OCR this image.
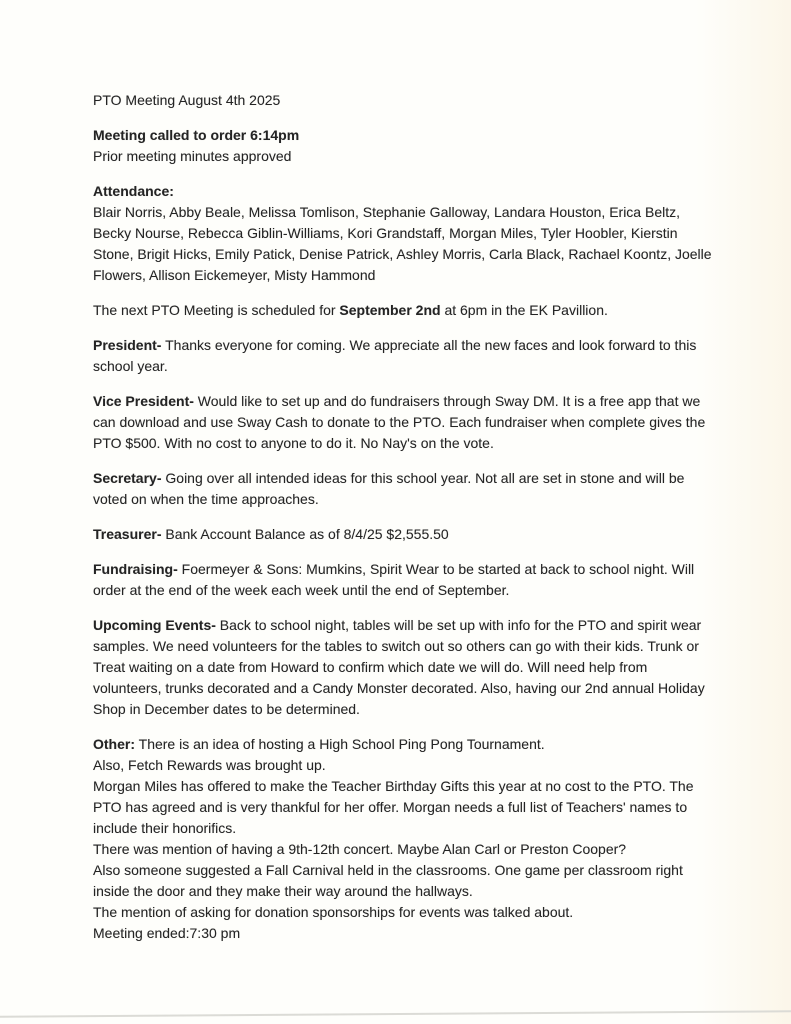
PTO Meeting August 4th 2025

Meeting called to order 6:14pm
Prior meeting minutes approved
Attendance:
Blair Norris, Abby Beale, Melissa Tomlison, Stephanie Galloway, Landara Houston, Erica Beltz, Becky Nourse, Rebecca Giblin-Williams, Kori Grandstaff, Morgan Miles, Tyler Hoobler, Kierstin Stone, Brigit Hicks, Emily Patick, Denise Patrick, Ashley Morris, Carla Black, Rachael Koontz, Joelle Flowers, Allison Eickemeyer, Misty Hammond

The next PTO Meeting is scheduled for September 2nd at 6pm in the EK Pavillion.

President- Thanks everyone for coming. We appreciate all the new faces and look forward to this school year.

Vice President- Would like to set up and do fundraisers through Sway DM. It is a free app that we can download and use Sway Cash to donate to the PTO. Each fundraiser when complete gives the PTO $500. With no cost to anyone to do it. No Nay's on the vote.

Secretary- Going over all intended ideas for this school year. Not all are set in stone and will be voted on when the time approaches.

Treasurer- Bank Account Balance as of 8/4/25 $2,555.50

Fundraising- Foermeyer & Sons: Mumkins, Spirit Wear to be started at back to school night. Will order at the end of the week each week until the end of September.

Upcoming Events- Back to school night, tables will be set up with info for the PTO and spirit wear samples. We need volunteers for the tables to switch out so others can go with their kids. Trunk or Treat waiting on a date from Howard to confirm which date we will do. Will need help from volunteers, trunks decorated and a Candy Monster decorated. Also, having our 2nd annual Holiday Shop in December dates to be determined.

Other: There is an idea of hosting a High School Ping Pong Tournament.
Also, Fetch Rewards was brought up.
Morgan Miles has offered to make the Teacher Birthday Gifts this year at no cost to the PTO. The PTO has agreed and is very thankful for her offer. Morgan needs a full list of Teachers' names to include their honorifics.
There was mention of having a 9th-12th concert. Maybe Alan Carl or Preston Cooper?
Also someone suggested a Fall Carnival held in the classrooms. One game per classroom right inside the door and they make their way around the hallways.
The mention of asking for donation sponsorships for events was talked about.
Meeting ended:7:30 pm
